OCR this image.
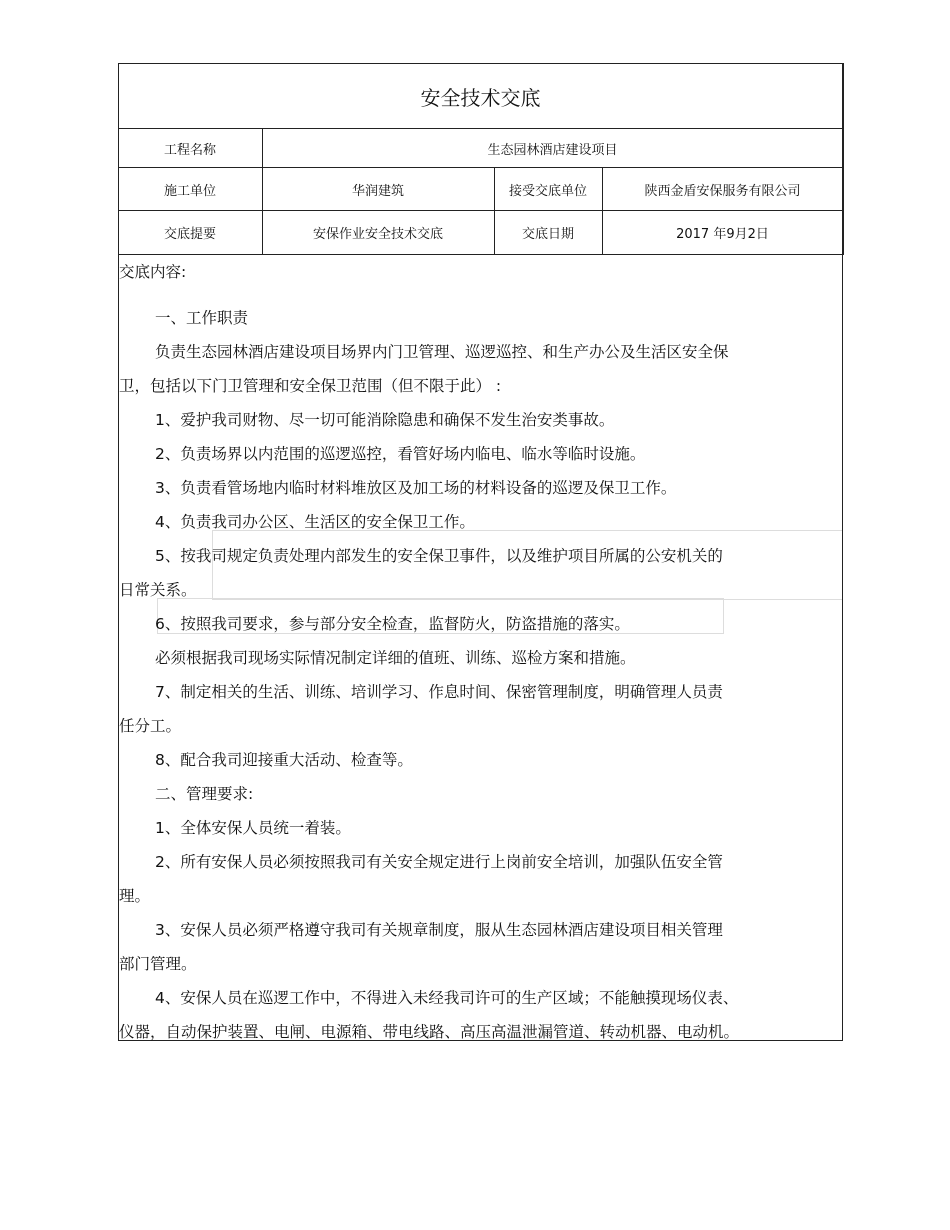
安全技术交底			
工程名称	生态园林酒店建设项目		
施工单位	华润建筑	接受交底单位	陕西金盾安保服务有限公司
交底提要	安保作业安全技术交底	交底日期	2017 年9月2日

交底内容:

一、工作职责

负责生态园林酒店建设项目场界内门卫管理、巡逻巡控、和生产办公及生活区安全保

卫，包括以下门卫管理和安全保卫范围（但不限于此） :

1、爱护我司财物、尽一切可能消除隐患和确保不发生治安类事故。

2、负责场界以内范围的巡逻巡控，看管好场内临电、临水等临时设施。

3、负责看管场地内临时材料堆放区及加工场的材料设备的巡逻及保卫工作。

4、负责我司办公区、生活区的安全保卫工作。

5、按我司规定负责处理内部发生的安全保卫事件，以及维护项目所属的公安机关的

日常关系。

6、按照我司要求，参与部分安全检查，监督防火，防盗措施的落实。

必须根据我司现场实际情况制定详细的值班、训练、巡检方案和措施。

7、制定相关的生活、训练、培训学习、作息时间、保密管理制度，明确管理人员责

任分工。

8、配合我司迎接重大活动、检查等。

二、管理要求:

1、全体安保人员统一着装。

2、所有安保人员必须按照我司有关安全规定进行上岗前安全培训，加强队伍安全管

理。

3、安保人员必须严格遵守我司有关规章制度，服从生态园林酒店建设项目相关管理

部门管理。

4、安保人员在巡逻工作中，不得进入未经我司许可的生产区域；不能触摸现场仪表、

仪器，自动保护装置、电闸、电源箱、带电线路、高压高温泄漏管道、转动机器、电动机。
